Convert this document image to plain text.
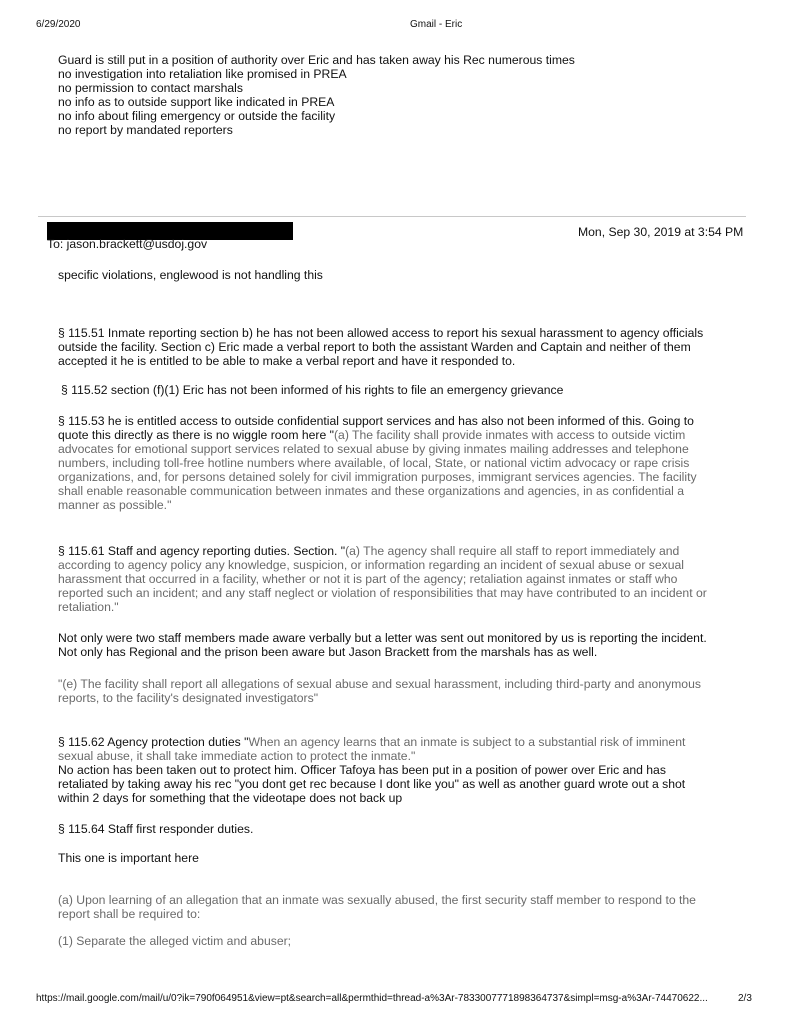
6/29/2020	Gmail - Eric
Guard is still put in a position of authority over Eric and has taken away his Rec numerous times
no investigation into retaliation like promised in PREA
no permission to contact marshals
no info as to outside support like indicated in PREA
no info about filing emergency or outside the facility
no report by mandated reporters
To: jason.brackett@usdoj.gov
Mon, Sep 30, 2019 at 3:54 PM
specific violations, englewood is not handling this
§ 115.51 Inmate reporting section b) he has not been allowed access to report his sexual harassment to agency officials
outside the facility. Section c) Eric made a verbal report to both the assistant Warden and Captain and neither of them
accepted it he is entitled to be able to make a verbal report and have it responded to.
§ 115.52 section (f)(1) Eric has not been informed of his rights to file an emergency grievance
§ 115.53 he is entitled access to outside confidential support services and has also not been informed of this. Going to
quote this directly as there is no wiggle room here "(a) The facility shall provide inmates with access to outside victim
advocates for emotional support services related to sexual abuse by giving inmates mailing addresses and telephone
numbers, including toll-free hotline numbers where available, of local, State, or national victim advocacy or rape crisis
organizations, and, for persons detained solely for civil immigration purposes, immigrant services agencies. The facility
shall enable reasonable communication between inmates and these organizations and agencies, in as confidential a
manner as possible."
§ 115.61 Staff and agency reporting duties. Section. "(a) The agency shall require all staff to report immediately and
according to agency policy any knowledge, suspicion, or information regarding an incident of sexual abuse or sexual
harassment that occurred in a facility, whether or not it is part of the agency; retaliation against inmates or staff who
reported such an incident; and any staff neglect or violation of responsibilities that may have contributed to an incident or
retaliation."
Not only were two staff members made aware verbally but a letter was sent out monitored by us is reporting the incident.
Not only has Regional and the prison been aware but Jason Brackett from the marshals has as well.
"(e) The facility shall report all allegations of sexual abuse and sexual harassment, including third-party and anonymous
reports, to the facility's designated investigators"
§ 115.62 Agency protection duties "When an agency learns that an inmate is subject to a substantial risk of imminent
sexual abuse, it shall take immediate action to protect the inmate."
No action has been taken out to protect him. Officer Tafoya has been put in a position of power over Eric and has
retaliated by taking away his rec "you dont get rec because I dont like you" as well as another guard wrote out a shot
within 2 days for something that the videotape does not back up
§ 115.64 Staff first responder duties.
This one is important here
(a) Upon learning of an allegation that an inmate was sexually abused, the first security staff member to respond to the
report shall be required to:
(1) Separate the alleged victim and abuser;
https://mail.google.com/mail/u/0?ik=790f064951&view=pt&search=all&permthid=thread-a%3Ar-7833007771898364737&simpl=msg-a%3Ar-74470622...	2/3
